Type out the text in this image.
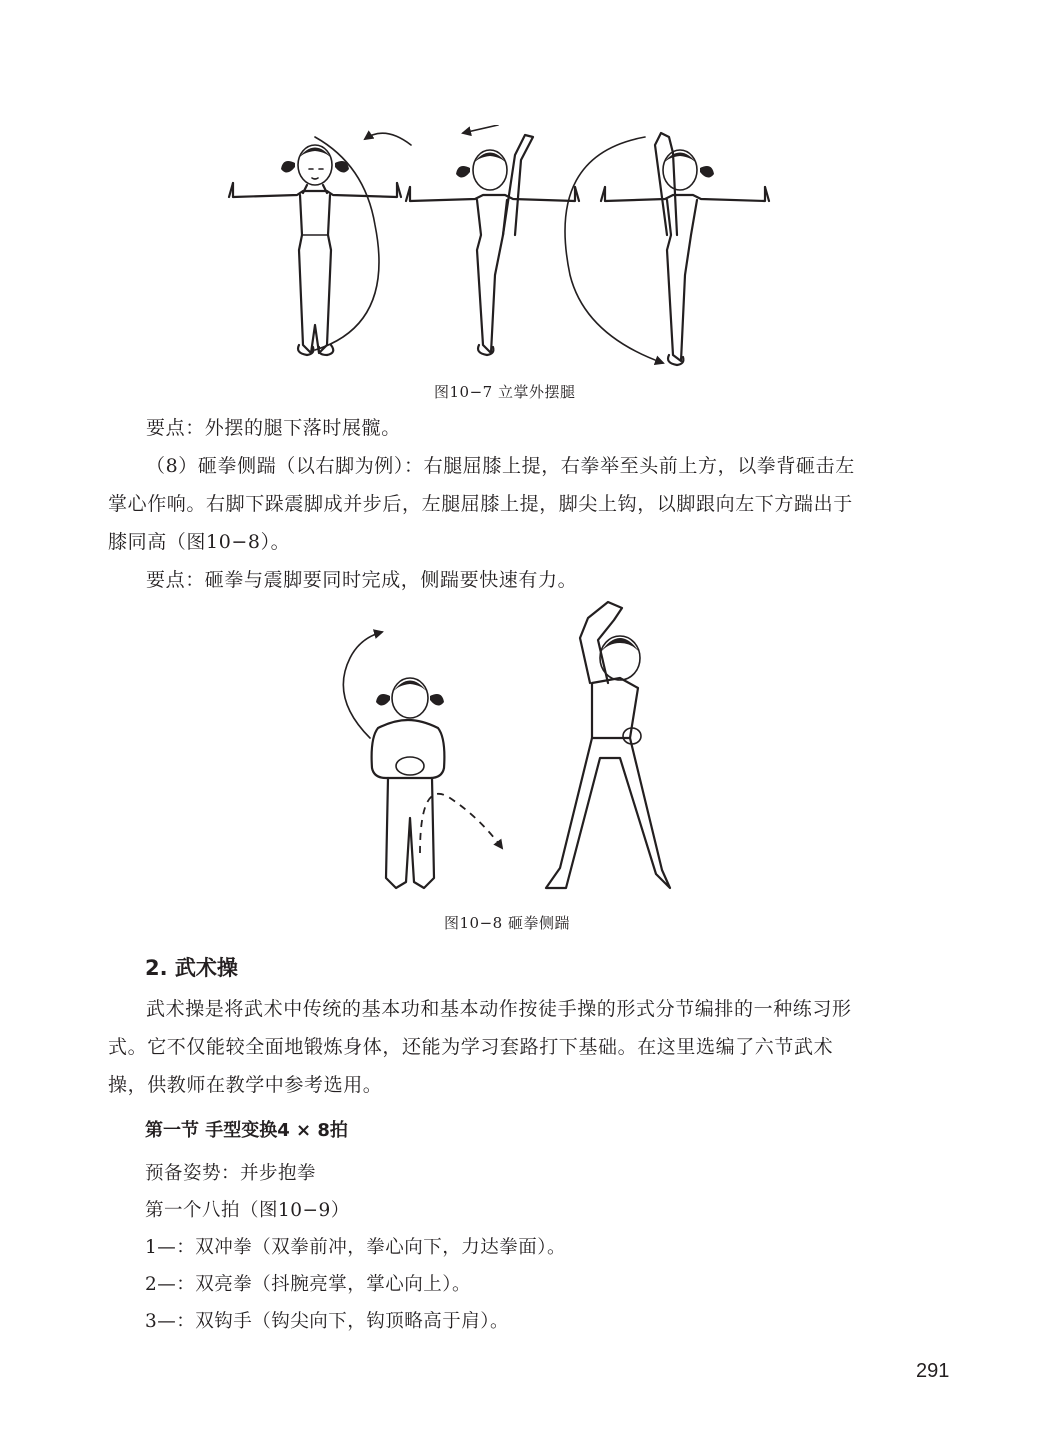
图10−7 立掌外摆腿
要点：外摆的腿下落时展髋。
（8）砸拳侧踹（以右脚为例）：右腿屈膝上提，右拳举至头前上方，以拳背砸击左
掌心作响。右脚下跺震脚成并步后，左腿屈膝上提，脚尖上钩，以脚跟向左下方踹出于
膝同高（图10−8）。
要点：砸拳与震脚要同时完成，侧踹要快速有力。
图10−8 砸拳侧踹
2. 武术操
武术操是将武术中传统的基本功和基本动作按徒手操的形式分节编排的一种练习形
式。它不仅能较全面地锻炼身体，还能为学习套路打下基础。在这里选编了六节武术
操，供教师在教学中参考选用。
第一节 手型变换4 × 8拍
预备姿势：并步抱拳
第一个八拍（图10−9）
1—：双冲拳（双拳前冲，拳心向下，力达拳面）。
2—：双亮拳（抖腕亮掌，掌心向上）。
3—：双钩手（钩尖向下，钩顶略高于肩）。
291
